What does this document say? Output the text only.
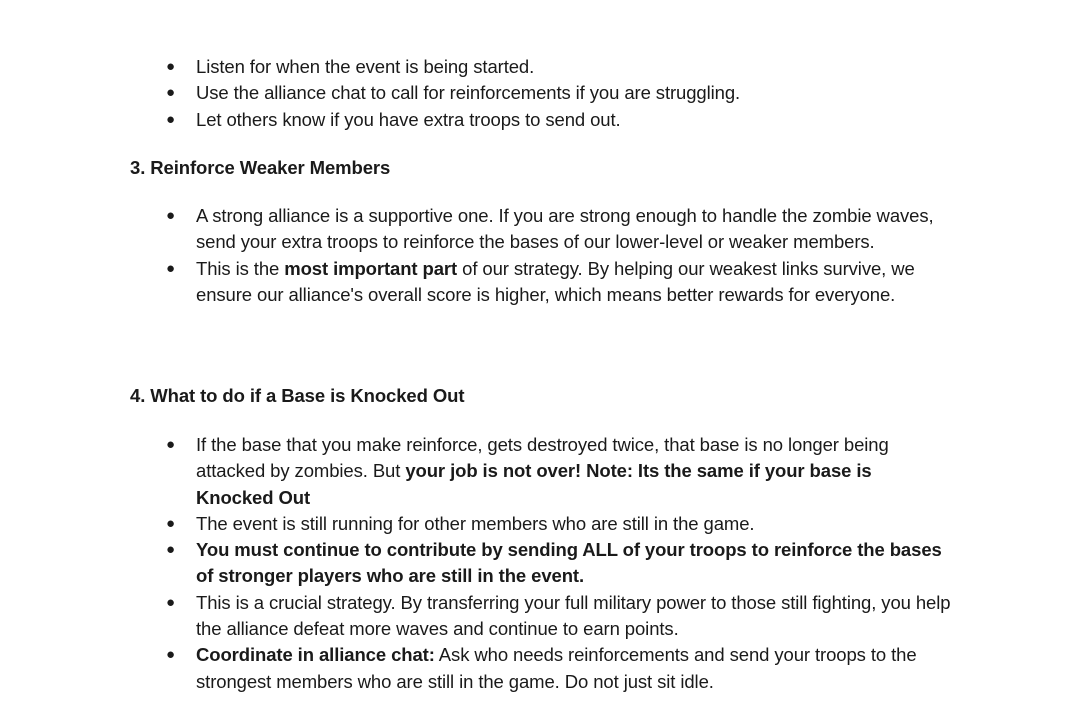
● Listen for when the event is being started.
● Use the alliance chat to call for reinforcements if you are struggling.
● Let others know if you have extra troops to send out.
3. Reinforce Weaker Members
● A strong alliance is a supportive one. If you are strong enough to handle the zombie waves, send your extra troops to reinforce the bases of our lower-level or weaker members.
● This is the most important part of our strategy. By helping our weakest links survive, we ensure our alliance's overall score is higher, which means better rewards for everyone.
4. What to do if a Base is Knocked Out
● If the base that you make reinforce, gets destroyed twice, that base is no longer being attacked by zombies. But your job is not over! Note: Its the same if your base is Knocked Out
● The event is still running for other members who are still in the game.
● You must continue to contribute by sending ALL of your troops to reinforce the bases of stronger players who are still in the event.
● This is a crucial strategy. By transferring your full military power to those still fighting, you help the alliance defeat more waves and continue to earn points.
● Coordinate in alliance chat: Ask who needs reinforcements and send your troops to the strongest members who are still in the game. Do not just sit idle.
